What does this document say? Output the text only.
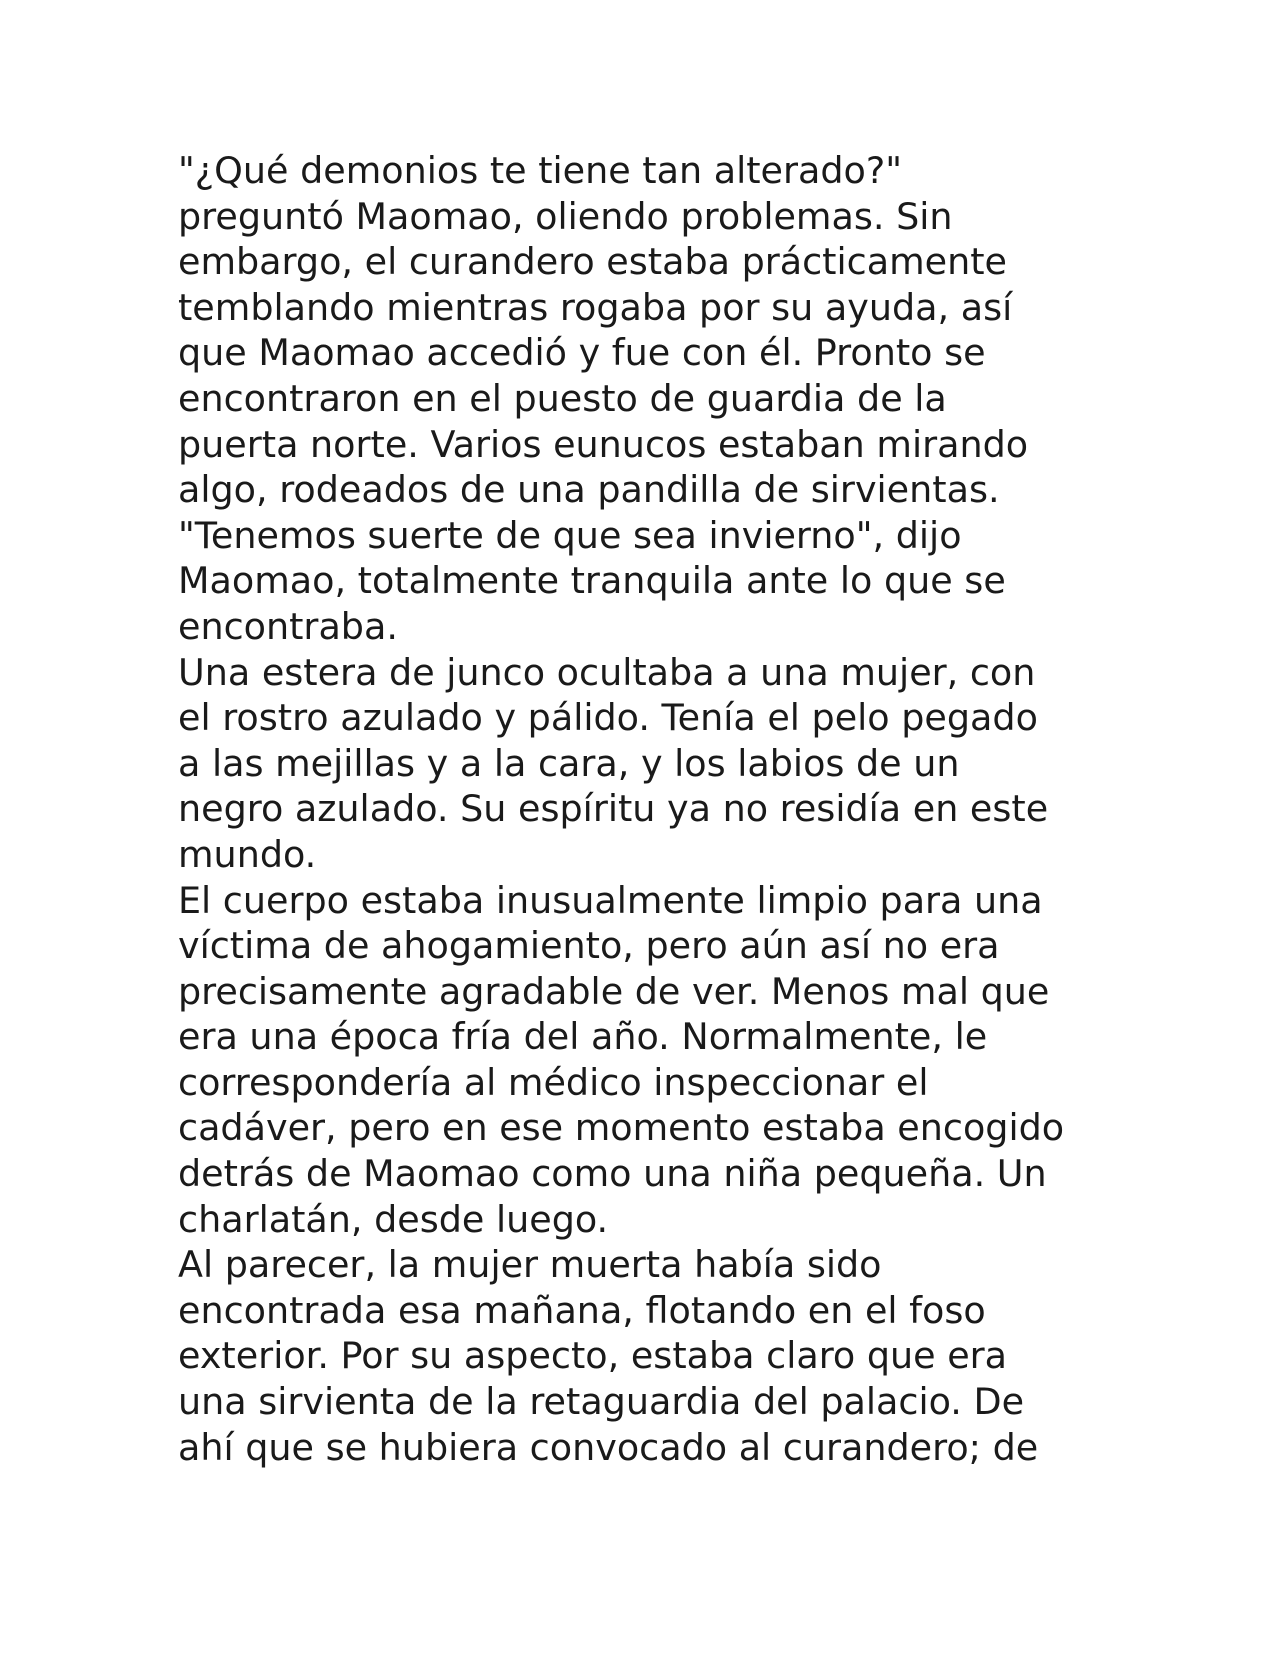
"¿Qué demonios te tiene tan alterado?"
preguntó Maomao, oliendo problemas. Sin
embargo, el curandero estaba prácticamente
temblando mientras rogaba por su ayuda, así
que Maomao accedió y fue con él. Pronto se
encontraron en el puesto de guardia de la
puerta norte. Varios eunucos estaban mirando
algo, rodeados de una pandilla de sirvientas.
"Tenemos suerte de que sea invierno", dijo
Maomao, totalmente tranquila ante lo que se
encontraba.
Una estera de junco ocultaba a una mujer, con
el rostro azulado y pálido. Tenía el pelo pegado
a las mejillas y a la cara, y los labios de un
negro azulado. Su espíritu ya no residía en este
mundo.
El cuerpo estaba inusualmente limpio para una
víctima de ahogamiento, pero aún así no era
precisamente agradable de ver. Menos mal que
era una época fría del año. Normalmente, le
correspondería al médico inspeccionar el
cadáver, pero en ese momento estaba encogido
detrás de Maomao como una niña pequeña. Un
charlatán, desde luego.
Al parecer, la mujer muerta había sido
encontrada esa mañana, flotando en el foso
exterior. Por su aspecto, estaba claro que era
una sirvienta de la retaguardia del palacio. De
ahí que se hubiera convocado al curandero; de
